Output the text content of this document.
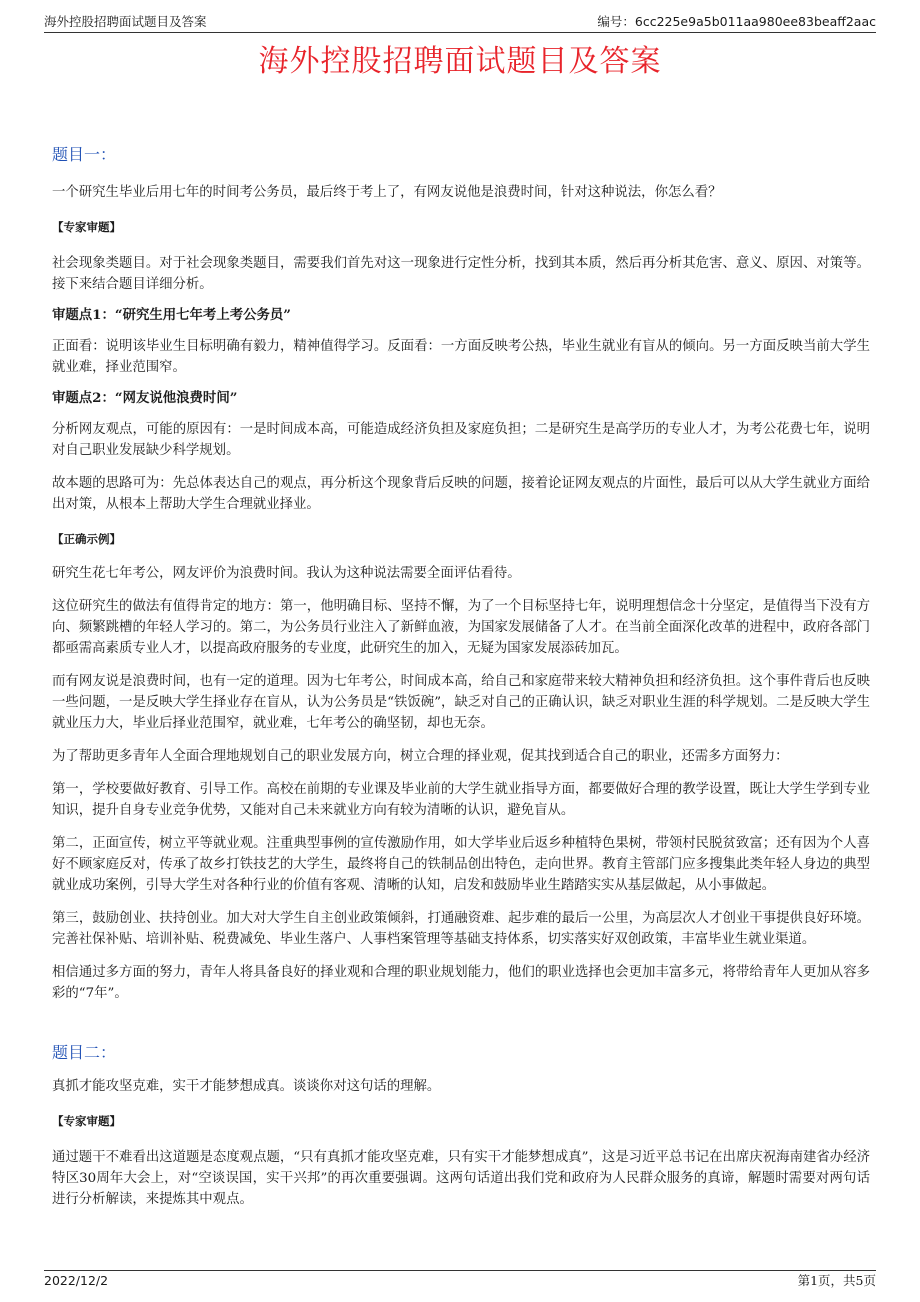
海外控股招聘面试题目及答案	编号：6cc225e9a5b011aa980ee83beaff2aac
海外控股招聘面试题目及答案
题目一：

一个研究生毕业后用七年的时间考公务员，最后终于考上了，有网友说他是浪费时间，针对这种说法，你怎么看？

【专家审题】

社会现象类题目。对于社会现象类题目，需要我们首先对这一现象进行定性分析，找到其本质，然后再分析其危害、意义、原因、对策等。接下来结合题目详细分析。

审题点1：“研究生用七年考上考公务员”

正面看：说明该毕业生目标明确有毅力，精神值得学习。反面看：一方面反映考公热，毕业生就业有盲从的倾向。另一方面反映当前大学生就业难，择业范围窄。

审题点2：“网友说他浪费时间”

分析网友观点，可能的原因有：一是时间成本高，可能造成经济负担及家庭负担；二是研究生是高学历的专业人才，为考公花费七年，说明对自己职业发展缺少科学规划。

故本题的思路可为：先总体表达自己的观点，再分析这个现象背后反映的问题，接着论证网友观点的片面性，最后可以从大学生就业方面给出对策，从根本上帮助大学生合理就业择业。

【正确示例】

研究生花七年考公，网友评价为浪费时间。我认为这种说法需要全面评估看待。

这位研究生的做法有值得肯定的地方：第一，他明确目标、坚持不懈，为了一个目标坚持七年，说明理想信念十分坚定，是值得当下没有方向、频繁跳槽的年轻人学习的。第二，为公务员行业注入了新鲜血液，为国家发展储备了人才。在当前全面深化改革的进程中，政府各部门都亟需高素质专业人才，以提高政府服务的专业度，此研究生的加入，无疑为国家发展添砖加瓦。

而有网友说是浪费时间，也有一定的道理。因为七年考公，时间成本高，给自己和家庭带来较大精神负担和经济负担。这个事件背后也反映一些问题，一是反映大学生择业存在盲从，认为公务员是“铁饭碗”，缺乏对自己的正确认识，缺乏对职业生涯的科学规划。二是反映大学生就业压力大，毕业后择业范围窄，就业难，七年考公的确坚韧，却也无奈。

为了帮助更多青年人全面合理地规划自己的职业发展方向，树立合理的择业观，促其找到适合自己的职业，还需多方面努力：

第一，学校要做好教育、引导工作。高校在前期的专业课及毕业前的大学生就业指导方面，都要做好合理的教学设置，既让大学生学到专业知识，提升自身专业竞争优势，又能对自己未来就业方向有较为清晰的认识，避免盲从。

第二，正面宣传，树立平等就业观。注重典型事例的宣传激励作用，如大学毕业后返乡种植特色果树，带领村民脱贫致富；还有因为个人喜好不顾家庭反对，传承了故乡打铁技艺的大学生，最终将自己的铁制品创出特色，走向世界。教育主管部门应多搜集此类年轻人身边的典型就业成功案例，引导大学生对各种行业的价值有客观、清晰的认知，启发和鼓励毕业生踏踏实实从基层做起，从小事做起。

第三，鼓励创业、扶持创业。加大对大学生自主创业政策倾斜，打通融资难、起步难的最后一公里，为高层次人才创业干事提供良好环境。完善社保补贴、培训补贴、税费减免、毕业生落户、人事档案管理等基础支持体系，切实落实好双创政策，丰富毕业生就业渠道。

相信通过多方面的努力，青年人将具备良好的择业观和合理的职业规划能力，他们的职业选择也会更加丰富多元，将带给青年人更加从容多彩的“7年”。

题目二：

真抓才能攻坚克难，实干才能梦想成真。谈谈你对这句话的理解。

【专家审题】

通过题干不难看出这道题是态度观点题，“只有真抓才能攻坚克难，只有实干才能梦想成真”，这是习近平总书记在出席庆祝海南建省办经济特区30周年大会上，对“空谈误国，实干兴邦”的再次重要强调。这两句话道出我们党和政府为人民群众服务的真谛，解题时需要对两句话进行分析解读，来提炼其中观点。

2022/12/2	第1页，共5页
